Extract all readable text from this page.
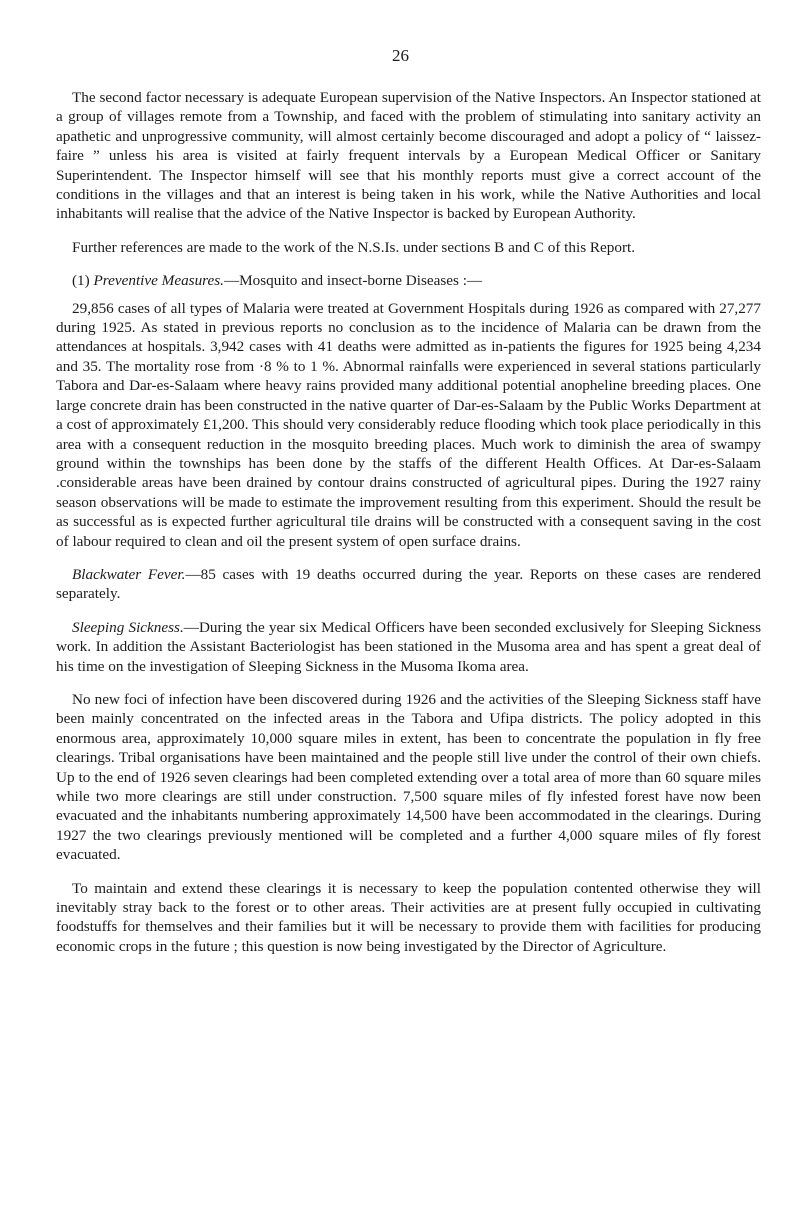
26

The second factor necessary is adequate European supervision of the Native Inspectors. An Inspector stationed at a group of villages remote from a Township, and faced with the problem of stimulating into sanitary activity an apathetic and unprogressive community, will almost certainly become discouraged and adopt a policy of “ laissez-faire ” unless his area is visited at fairly frequent intervals by a European Medical Officer or Sanitary Superintendent. The Inspector himself will see that his monthly reports must give a correct account of the conditions in the villages and that an interest is being taken in his work, while the Native Authorities and local inhabitants will realise that the advice of the Native Inspector is backed by European Authority.

Further references are made to the work of the N.S.Is. under sections B and C of this Report.

(1) Preventive Measures.—Mosquito and insect-borne Diseases :—

29,856 cases of all types of Malaria were treated at Government Hospitals during 1926 as compared with 27,277 during 1925. As stated in previous reports no conclusion as to the incidence of Malaria can be drawn from the attendances at hospitals. 3,942 cases with 41 deaths were admitted as in-patients the figures for 1925 being 4,234 and 35. The mortality rose from ·8 % to 1 %. Abnormal rainfalls were experienced in several stations particularly Tabora and Dar-es-Salaam where heavy rains provided many additional potential anopheline breeding places. One large concrete drain has been constructed in the native quarter of Dar-es-Salaam by the Public Works Department at a cost of approximately £1,200. This should very considerably reduce flooding which took place periodically in this area with a consequent reduction in the mosquito breeding places. Much work to diminish the area of swampy ground within the townships has been done by the staffs of the different Health Offices. At Dar-es-Salaam .considerable areas have been drained by contour drains constructed of agricultural pipes. During the 1927 rainy season observations will be made to estimate the improvement resulting from this experiment. Should the result be as successful as is expected further agricultural tile drains will be constructed with a consequent saving in the cost of labour required to clean and oil the present system of open surface drains.

Blackwater Fever.—85 cases with 19 deaths occurred during the year. Reports on these cases are rendered separately.

Sleeping Sickness.—During the year six Medical Officers have been seconded exclusively for Sleeping Sickness work. In addition the Assistant Bacteriologist has been stationed in the Musoma area and has spent a great deal of his time on the investigation of Sleeping Sickness in the Musoma Ikoma area.

No new foci of infection have been discovered during 1926 and the activities of the Sleeping Sickness staff have been mainly concentrated on the infected areas in the Tabora and Ufipa districts. The policy adopted in this enormous area, approximately 10,000 square miles in extent, has been to concentrate the population in fly free clearings. Tribal organisations have been maintained and the people still live under the control of their own chiefs. Up to the end of 1926 seven clearings had been completed extending over a total area of more than 60 square miles while two more clearings are still under construction. 7,500 square miles of fly infested forest have now been evacuated and the inhabitants numbering approximately 14,500 have been accommodated in the clearings. During 1927 the two clearings previously mentioned will be completed and a further 4,000 square miles of fly forest evacuated.

To maintain and extend these clearings it is necessary to keep the population contented otherwise they will inevitably stray back to the forest or to other areas. Their activities are at present fully occupied in cultivating foodstuffs for themselves and their families but it will be necessary to provide them with facilities for producing economic crops in the future ; this question is now being investigated by the Director of Agriculture.
